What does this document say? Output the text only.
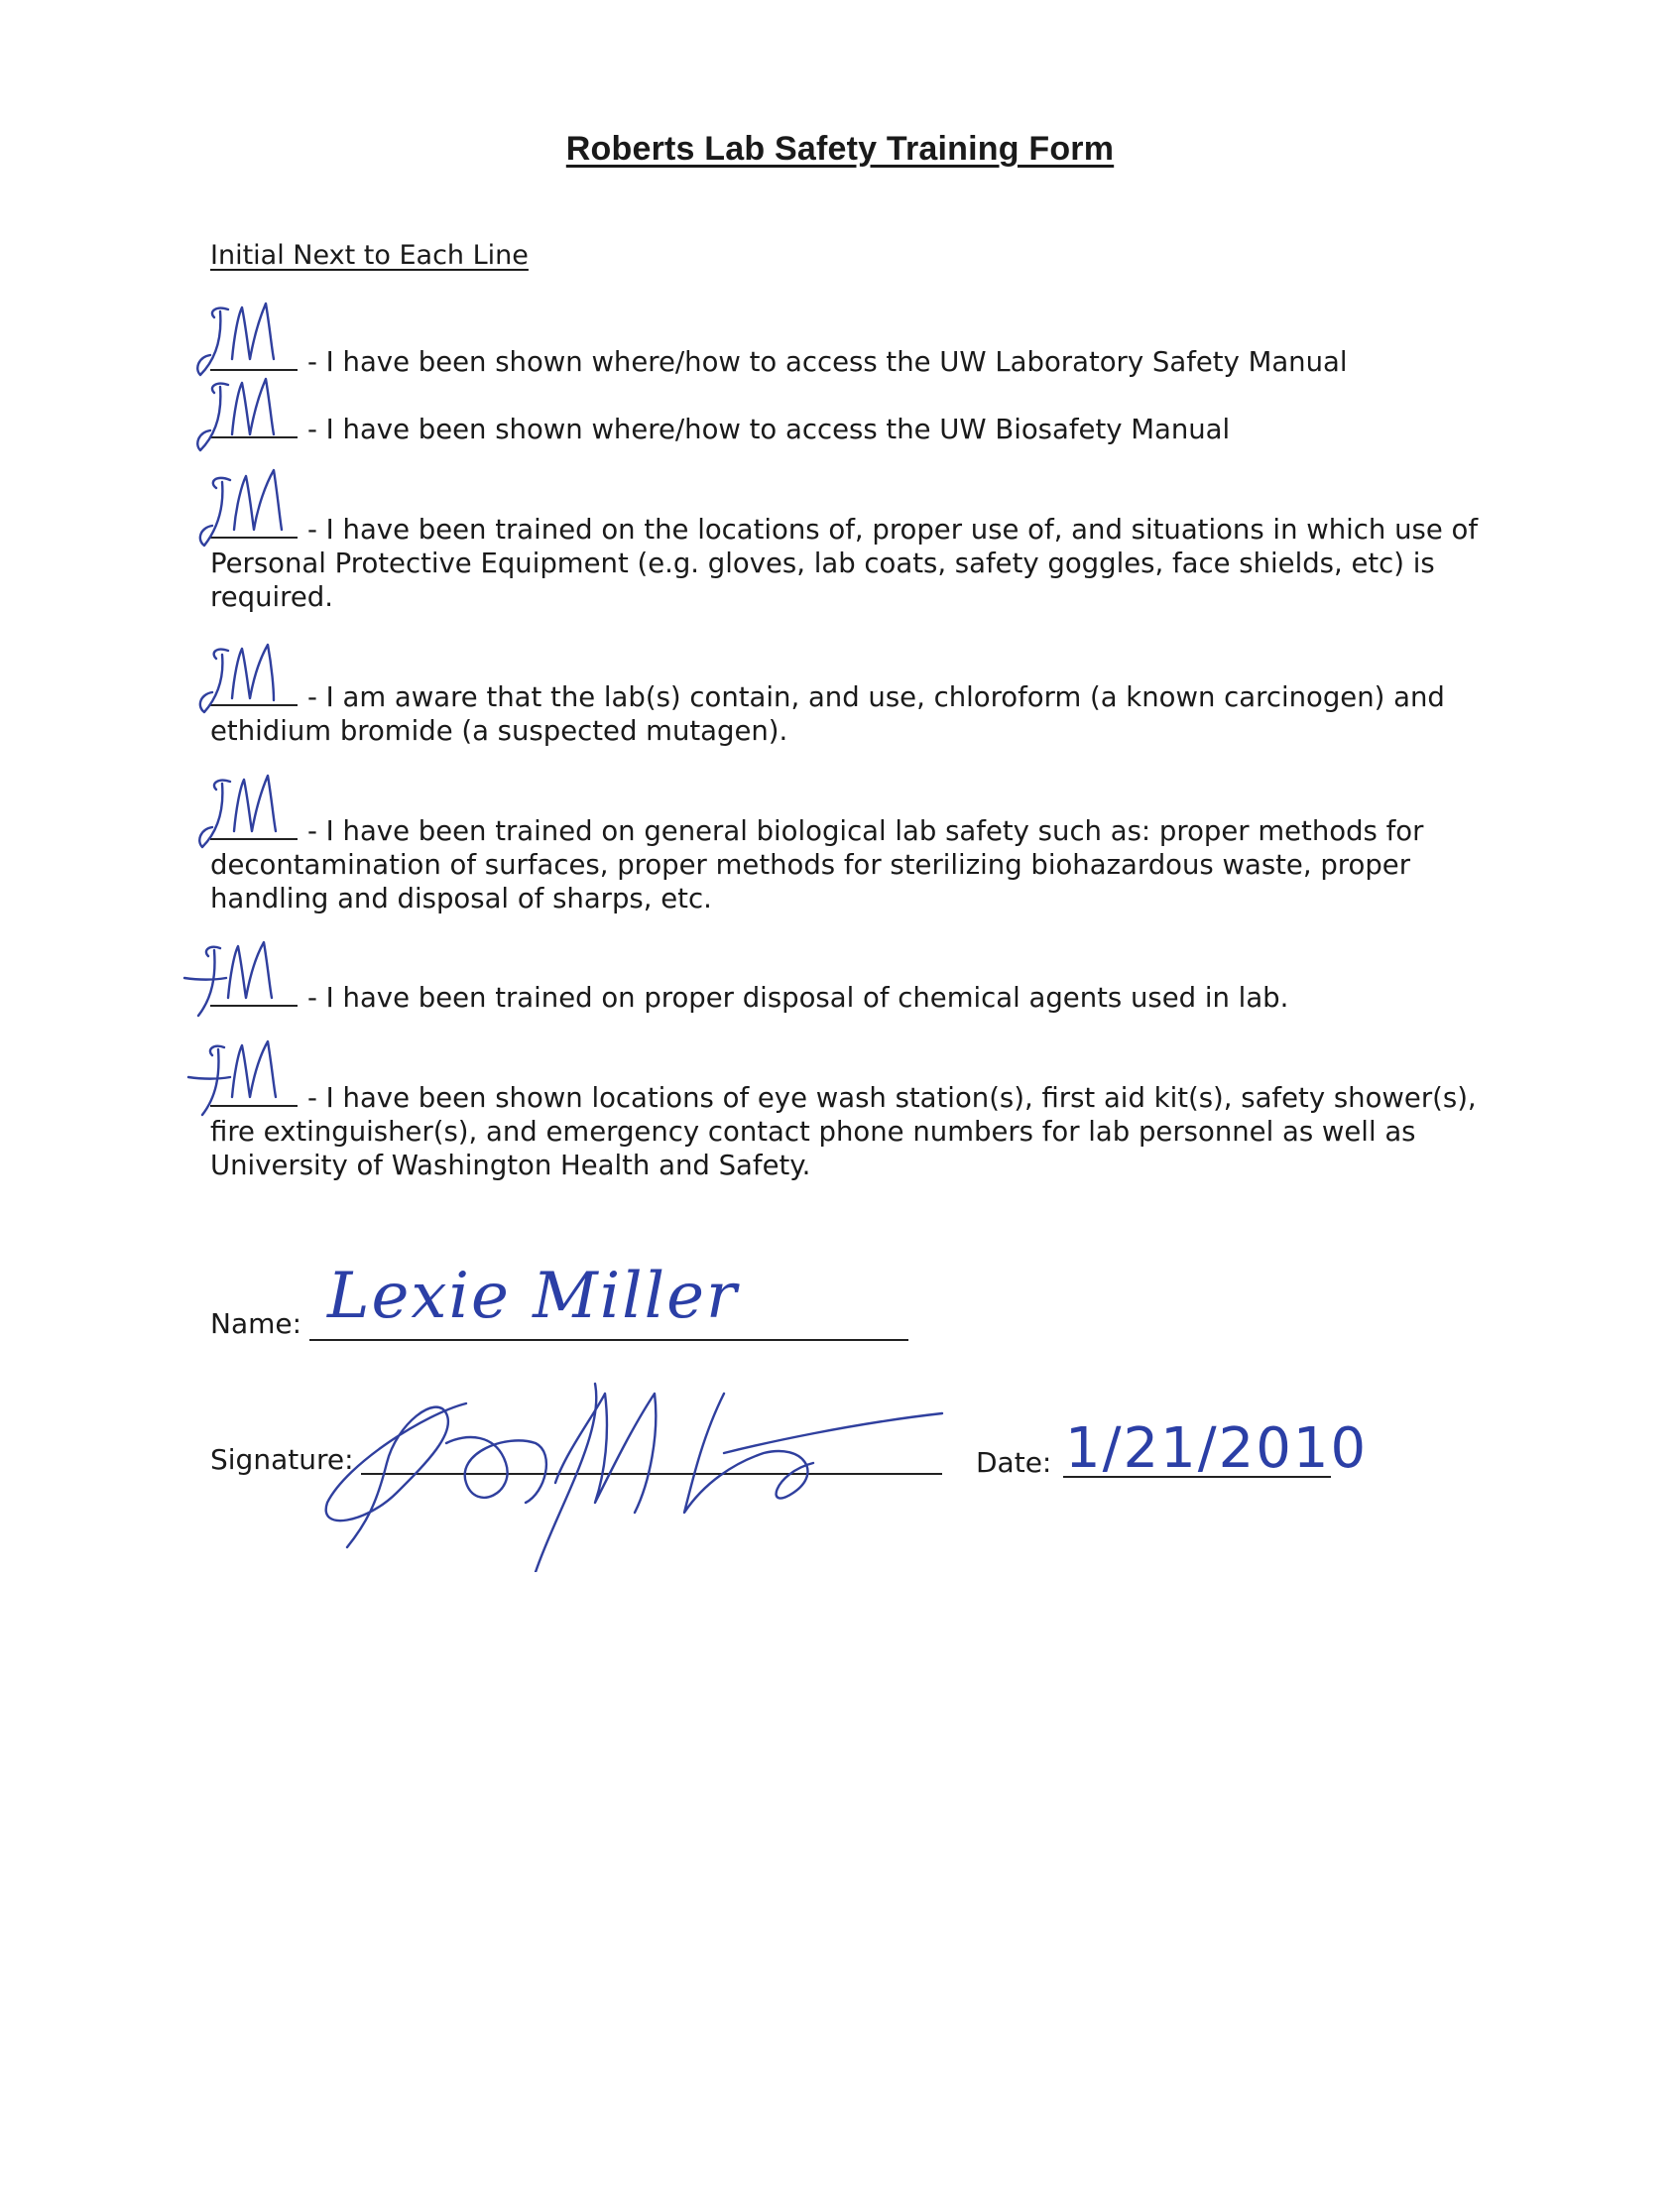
Roberts Lab Safety Training Form
Initial Next to Each Line
- I have been shown where/how to access the UW Laboratory Safety Manual
- I have been shown where/how to access the UW Biosafety Manual
- I have been trained on the locations of, proper use of, and situations in which use of Personal Protective Equipment (e.g. gloves, lab coats, safety goggles, face shields, etc) is required.
- I am aware that the lab(s) contain, and use, chloroform (a known carcinogen) and ethidium bromide (a suspected mutagen).
- I have been trained on general biological lab safety such as: proper methods for decontamination of surfaces, proper methods for sterilizing biohazardous waste, proper handling and disposal of sharps, etc.
- I have been trained on proper disposal of chemical agents used in lab.
- I have been shown locations of eye wash station(s), first aid kit(s), safety shower(s), fire extinguisher(s), and emergency contact phone numbers for lab personnel as well as University of Washington Health and Safety.
Name: Lexie Miller
Signature:	Date: 1/21/2010
